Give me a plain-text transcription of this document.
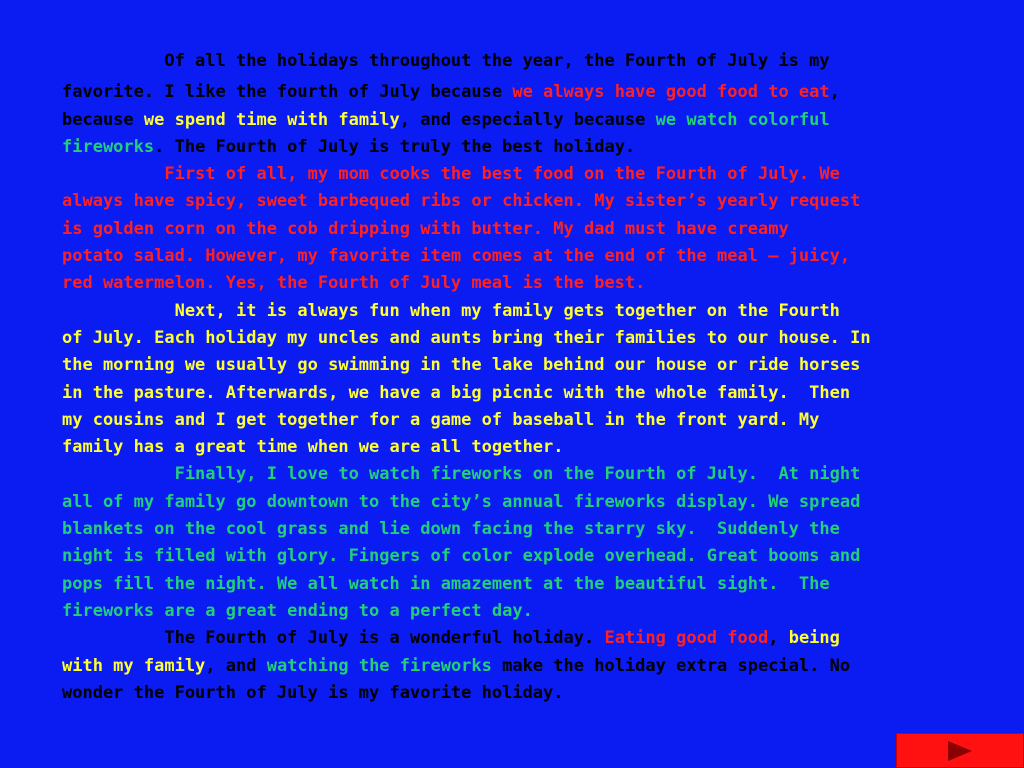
Of all the holidays throughout the year, the Fourth of July is my
favorite. I like the fourth of July because we always have good food to eat,
because we spend time with family, and especially because we watch colorful
fireworks. The Fourth of July is truly the best holiday.
First of all, my mom cooks the best food on the Fourth of July. We
always have spicy, sweet barbequed ribs or chicken. My sister’s yearly request
is golden corn on the cob dripping with butter. My dad must have creamy
potato salad. However, my favorite item comes at the end of the meal – juicy,
red watermelon. Yes, the Fourth of July meal is the best.
Next, it is always fun when my family gets together on the Fourth
of July. Each holiday my uncles and aunts bring their families to our house. In
the morning we usually go swimming in the lake behind our house or ride horses
in the pasture. Afterwards, we have a big picnic with the whole family.  Then
my cousins and I get together for a game of baseball in the front yard. My
family has a great time when we are all together.
Finally, I love to watch fireworks on the Fourth of July.  At night
all of my family go downtown to the city’s annual fireworks display. We spread
blankets on the cool grass and lie down facing the starry sky.  Suddenly the
night is filled with glory. Fingers of color explode overhead. Great booms and
pops fill the night. We all watch in amazement at the beautiful sight.  The
fireworks are a great ending to a perfect day.
The Fourth of July is a wonderful holiday. Eating good food, being
with my family, and watching the fireworks make the holiday extra special. No
wonder the Fourth of July is my favorite holiday.
